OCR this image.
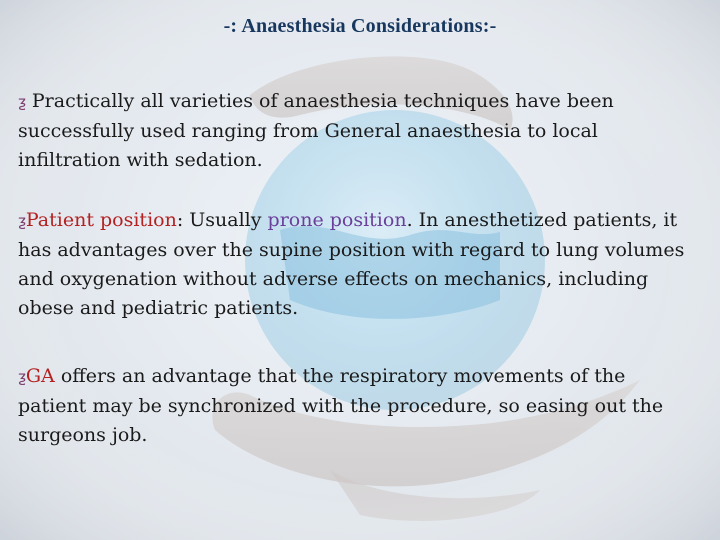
-: Anaesthesia Considerations:-
ƺ Practically all varieties of anaesthesia techniques have been successfully used ranging from General anaesthesia to local infiltration with sedation.
ƺPatient position: Usually prone position. In anesthetized patients, it has advantages over the supine position with regard to lung volumes and oxygenation without adverse effects on mechanics, including obese and pediatric patients.
ƺGA offers an advantage that the respiratory movements of the patient may be synchronized with the procedure, so easing out the surgeons job.
